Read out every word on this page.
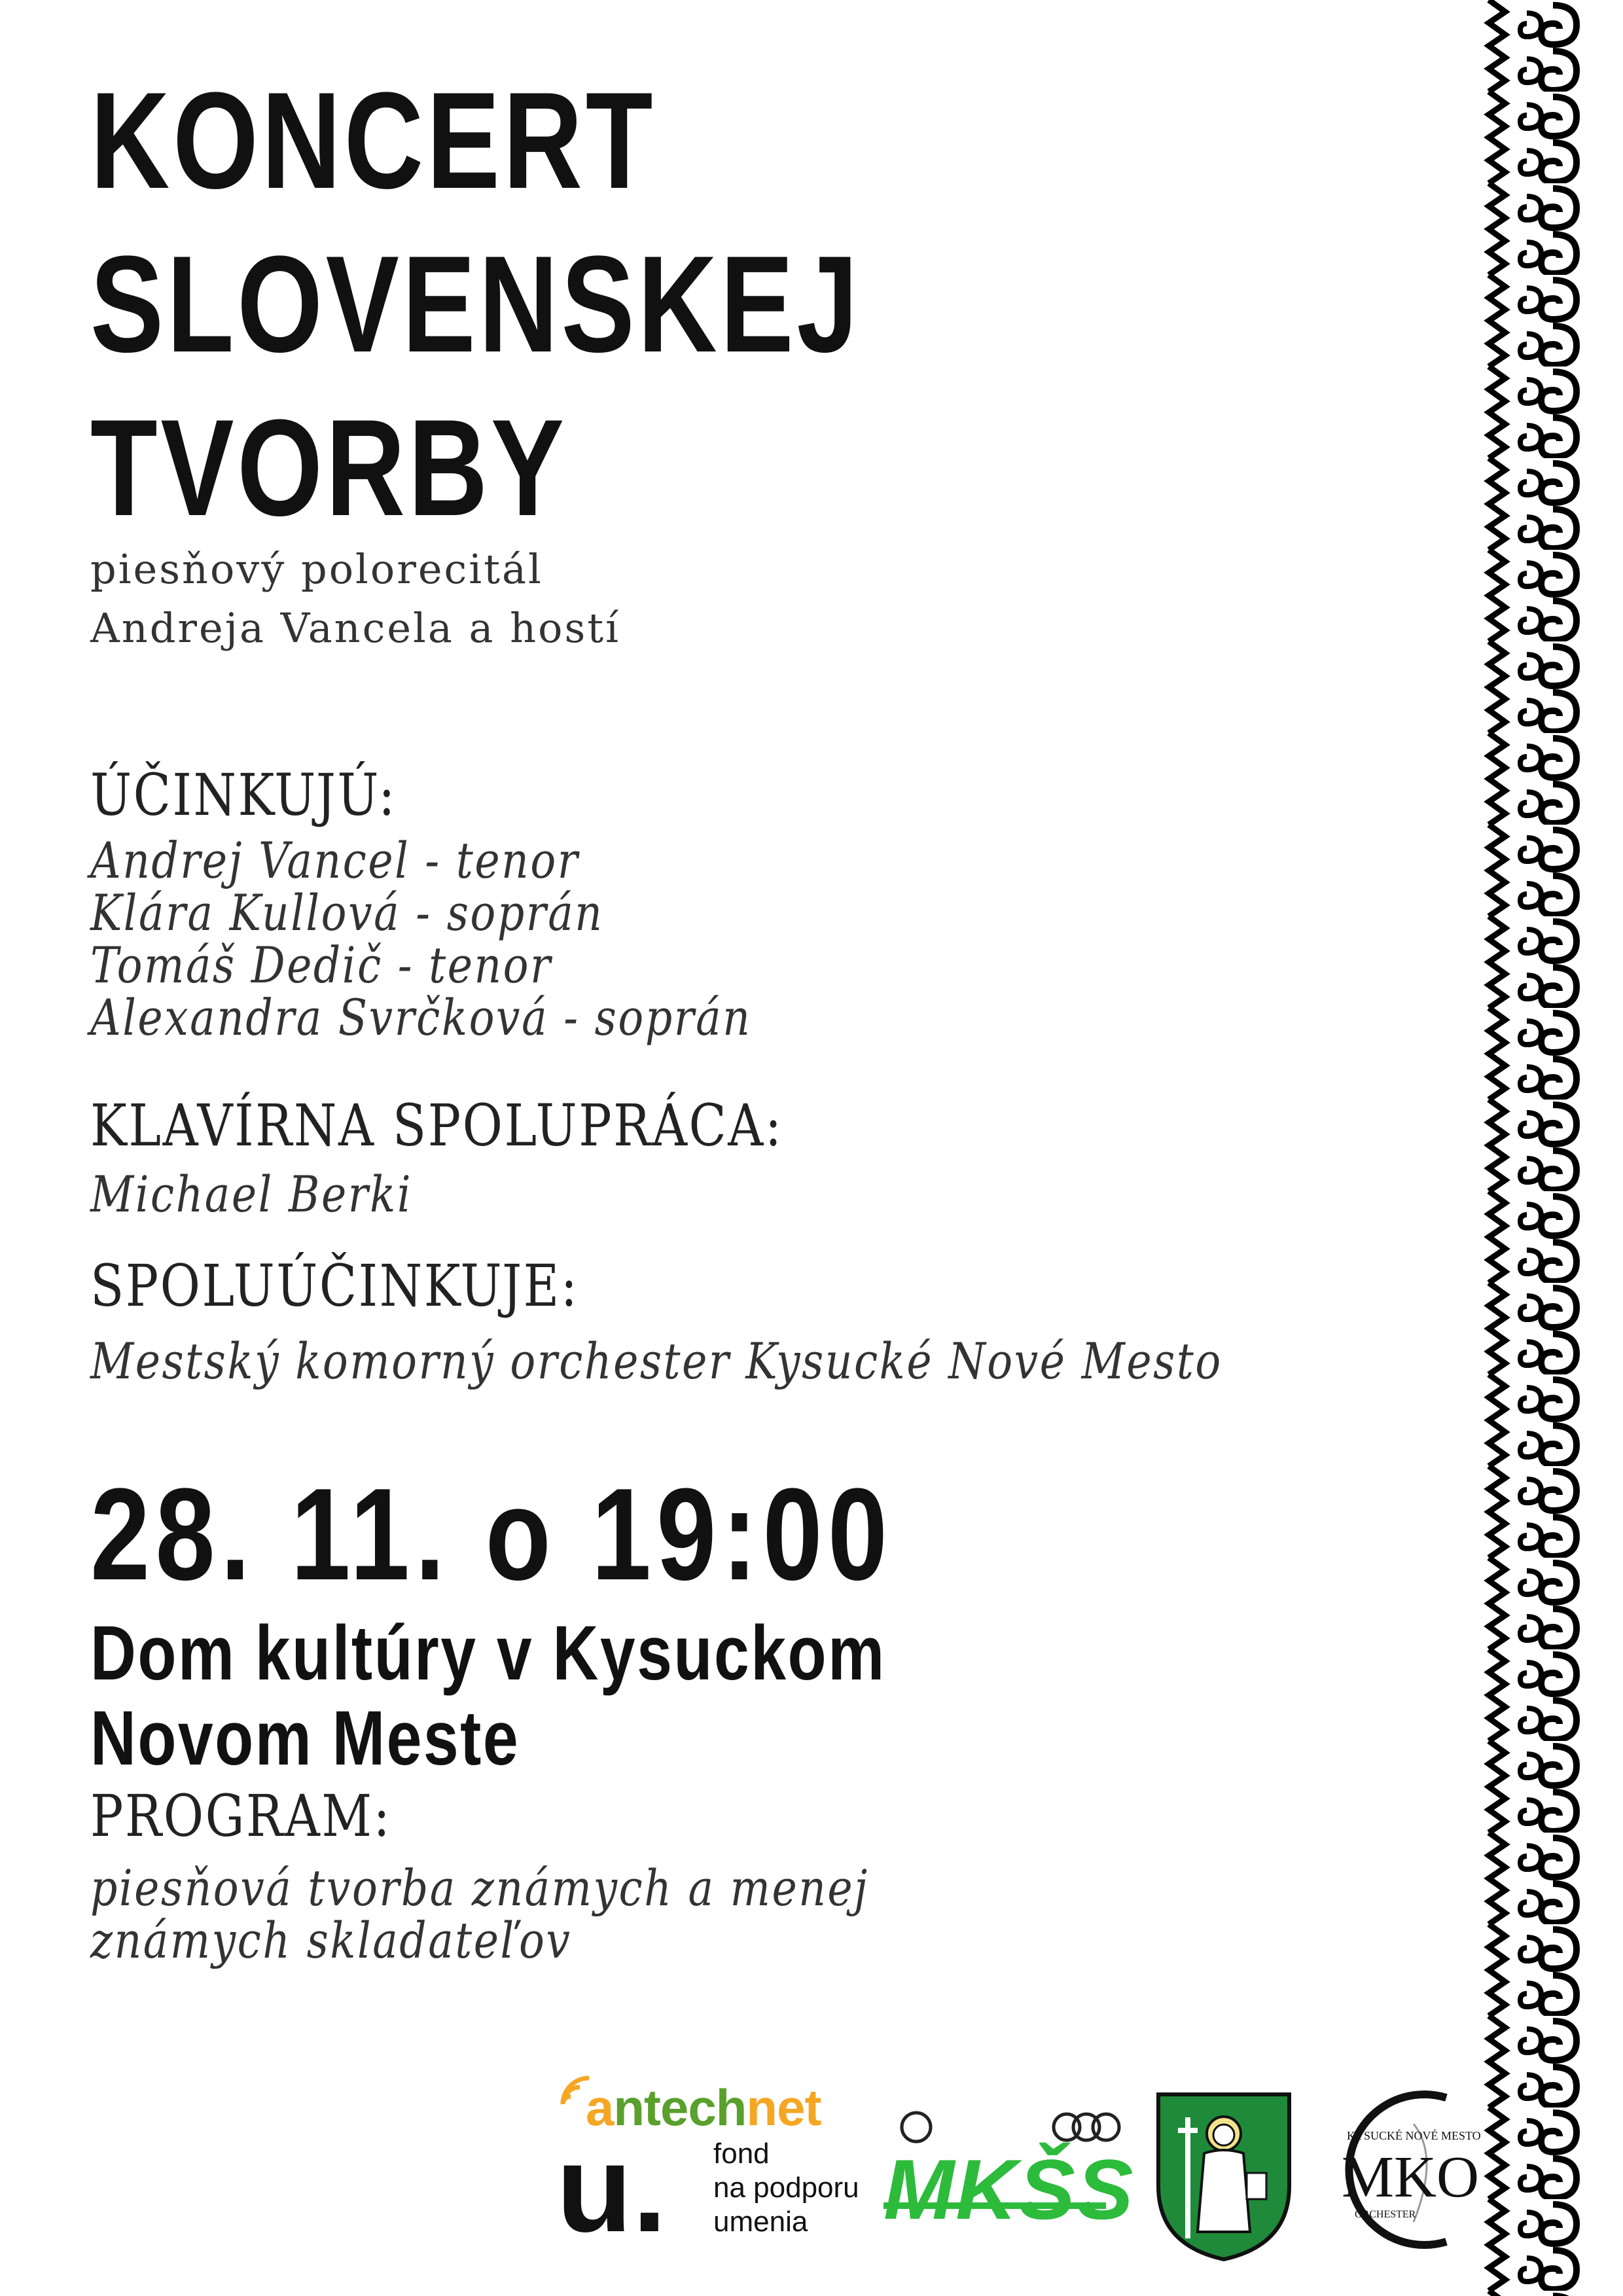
KONCERT
SLOVENSKEJ
TVORBY
piesňový polorecitál
Andreja Vancela a hostí
ÚČINKUJÚ:
Andrej Vancel - tenor
Klára Kullová - soprán
Tomáš Dedič - tenor
Alexandra Svrčková - soprán
KLAVÍRNA SPOLUPRÁCA:
Michael Berki
SPOLUÚČINKUJE:
Mestský komorný orchester Kysucké Nové Mesto
28. 11. o 19:00
Dom kultúry v Kysuckom
Novom Meste
PROGRAM:
piesňová tvorba známych a menej
známych skladateľov
antechnet
u. fond
na podporu
umenia MKŠS
KYSUCKÉ NOVÉ MESTO
MKO
ORCHESTER
